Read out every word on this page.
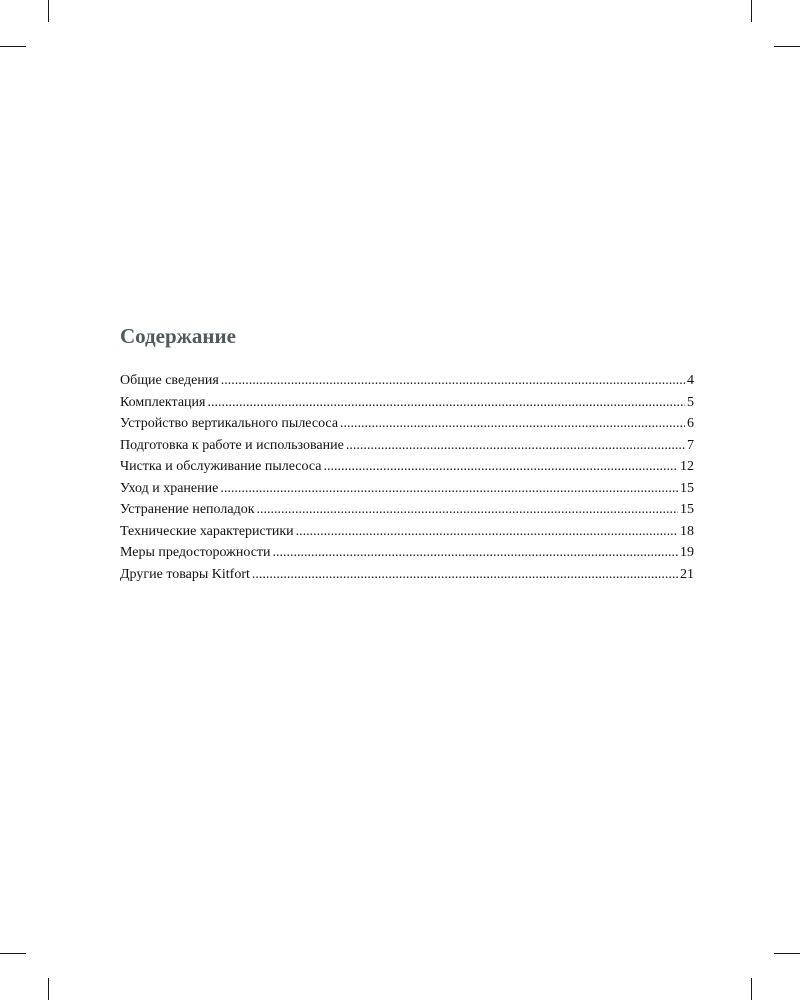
Содержание
Общие сведения .....	4
Комплектация .....	5
Устройство вертикального пылесоса .....	6
Подготовка к работе и использование .....	7
Чистка и обслуживание пылесоса .....	12
Уход и хранение .....	15
Устранение неполадок .....	15
Технические характеристики .....	18
Меры предосторожности .....	19
Другие товары Kitfort .....	21
